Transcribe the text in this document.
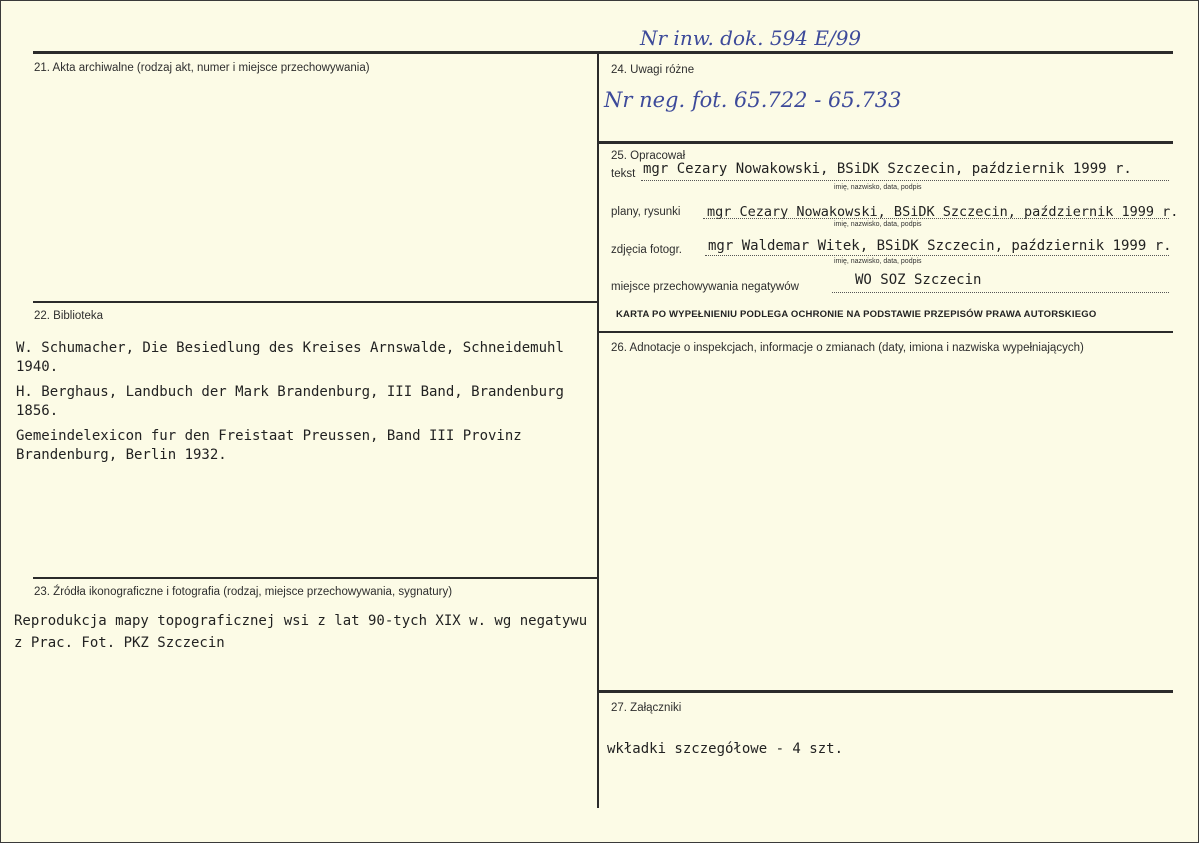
Nr inw. dok. 594 E/99
21. Akta archiwalne (rodzaj akt, numer i miejsce przechowywania)
22. Biblioteka

W. Schumacher, Die Besiedlung des Kreises Arnswalde, Schneidemuhl 1940.

H. Berghaus, Landbuch der Mark Brandenburg, III Band, Brandenburg 1856.

Gemeindelexicon fur den Freistaat Preussen, Band III Provinz Brandenburg, Berlin 1932.

23. Źródła ikonograficzne i fotografia (rodzaj, miejsce przechowywania, sygnatury)
Reprodukcja mapy topograficznej wsi z lat 90-tych XIX w. wg negatywu z Prac. Fot. PKZ Szczecin
24. Uwagi różne
Nr neg. fot. 65.722 - 65.733
25. Opracował
tekst mgr Cezary Nowakowski, BSiDK Szczecin, październik 1999 r.
imię, nazwisko, data, podpis
plany, rysunki mgr Cezary Nowakowski, BSiDK Szczecin, październik 1999 r.
imię, nazwisko, data, podpis
zdjęcia fotogr. mgr Waldemar Witek, BSiDK Szczecin, październik 1999 r.
imię, nazwisko, data, podpis
miejsce przechowywania negatywów	WO SOZ Szczecin
KARTA PO WYPEŁNIENIU PODLEGA OCHRONIE NA PODSTAWIE PRZEPISÓW PRAWA AUTORSKIEGO
26. Adnotacje o inspekcjach, informacje o zmianach (daty, imiona i nazwiska wypełniających)
27. Załączniki
wkładki szczegółowe - 4 szt.
